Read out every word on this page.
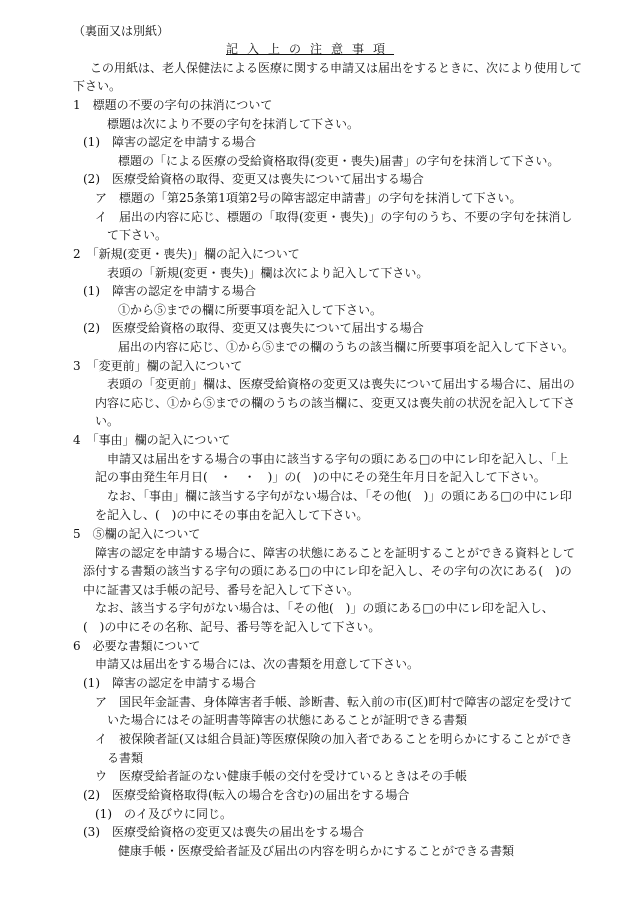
（裏面又は別紙）
記入上の注意事項
この用紙は、老人保健法による医療に関する申請又は届出をするときに、次により使用して
下さい。
1　標題の不要の字句の抹消について
標題は次により不要の字句を抹消して下さい。
(1)　障害の認定を申請する場合
標題の「による医療の受給資格取得(変更・喪失)届書」の字句を抹消して下さい。
(2)　医療受給資格の取得、変更又は喪失について届出する場合
ア　標題の「第25条第1項第2号の障害認定申請書」の字句を抹消して下さい。
イ　届出の内容に応じ、標題の「取得(変更・喪失)」の字句のうち、不要の字句を抹消し
て下さい。
2　「新規(変更・喪失)」欄の記入について
表頭の「新規(変更・喪失)」欄は次により記入して下さい。
(1)　障害の認定を申請する場合
①から⑤までの欄に所要事項を記入して下さい。
(2)　医療受給資格の取得、変更又は喪失について届出する場合
届出の内容に応じ、①から⑤までの欄のうちの該当欄に所要事項を記入して下さい。
3　「変更前」欄の記入について
表頭の「変更前」欄は、医療受給資格の変更又は喪失について届出する場合に、届出の
内容に応じ、①から⑤までの欄のうちの該当欄に、変更又は喪失前の状況を記入して下さ
い。
4　「事由」欄の記入について
申請又は届出をする場合の事由に該当する字句の頭にある□の中にレ印を記入し、「上
記の事由発生年月日(　・　・　)」の(　)の中にその発生年月日を記入して下さい。
なお、「事由」欄に該当する字句がない場合は、「その他(　)」の頭にある□の中にレ印
を記入し、(　)の中にその事由を記入して下さい。
5　⑤欄の記入について
障害の認定を申請する場合に、障害の状態にあることを証明することができる資料として
添付する書類の該当する字句の頭にある□の中にレ印を記入し、その字句の次にある(　)の
中に証書又は手帳の記号、番号を記入して下さい。
なお、該当する字句がない場合は、「その他(　)」の頭にある□の中にレ印を記入し、
(　)の中にその名称、記号、番号等を記入して下さい。
6　必要な書類について
申請又は届出をする場合には、次の書類を用意して下さい。
(1)　障害の認定を申請する場合
ア　国民年金証書、身体障害者手帳、診断書、転入前の市(区)町村で障害の認定を受けて
いた場合にはその証明書等障害の状態にあることが証明できる書類
イ　被保険者証(又は組合員証)等医療保険の加入者であることを明らかにすることができ
る書類
ウ　医療受給者証のない健康手帳の交付を受けているときはその手帳
(2)　医療受給資格取得(転入の場合を含む)の届出をする場合
(1)　のイ及びウに同じ。
(3)　医療受給資格の変更又は喪失の届出をする場合
健康手帳・医療受給者証及び届出の内容を明らかにすることができる書類
